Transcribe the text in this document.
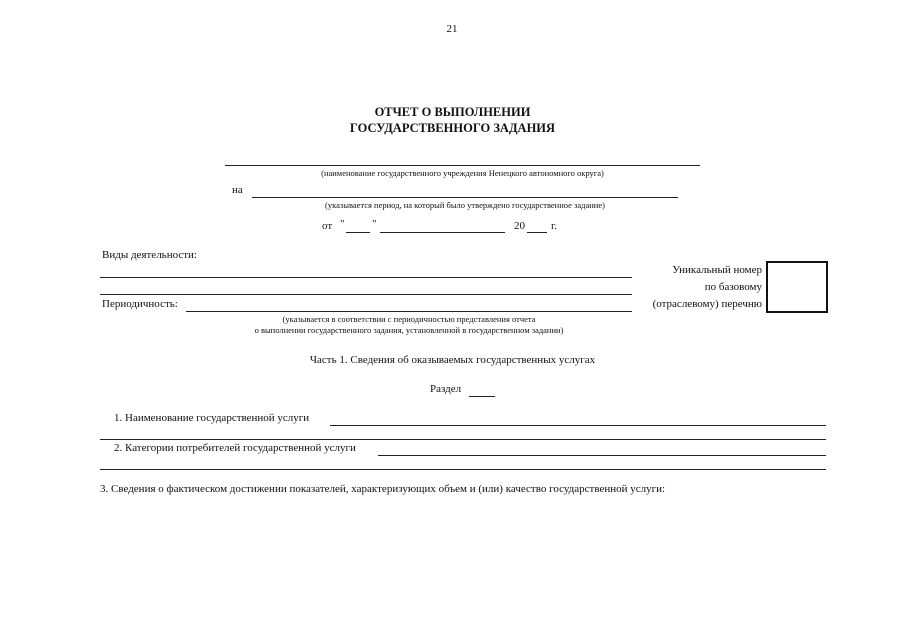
21
ОТЧЕТ О ВЫПОЛНЕНИИ
ГОСУДАРСТВЕННОГО ЗАДАНИЯ
(наименование государственного учреждения Ненецкого автономного округа)
на
(указывается период, на который было утверждено государственное задание)
от "	"	20 г.
Виды деятельности:
Периодичность:
(указывается в соответствии с периодичностью представления отчета
о выполнении государственного задания, установленной в государственном задании)
Уникальный номер
по базовому
(отраслевому) перечню
Часть 1. Сведения об оказываемых государственных услугах
Раздел
1. Наименование государственной услуги
2. Категории потребителей государственной услуги
3. Сведения о фактическом достижении показателей, характеризующих объем и (или) качество государственной услуги:
